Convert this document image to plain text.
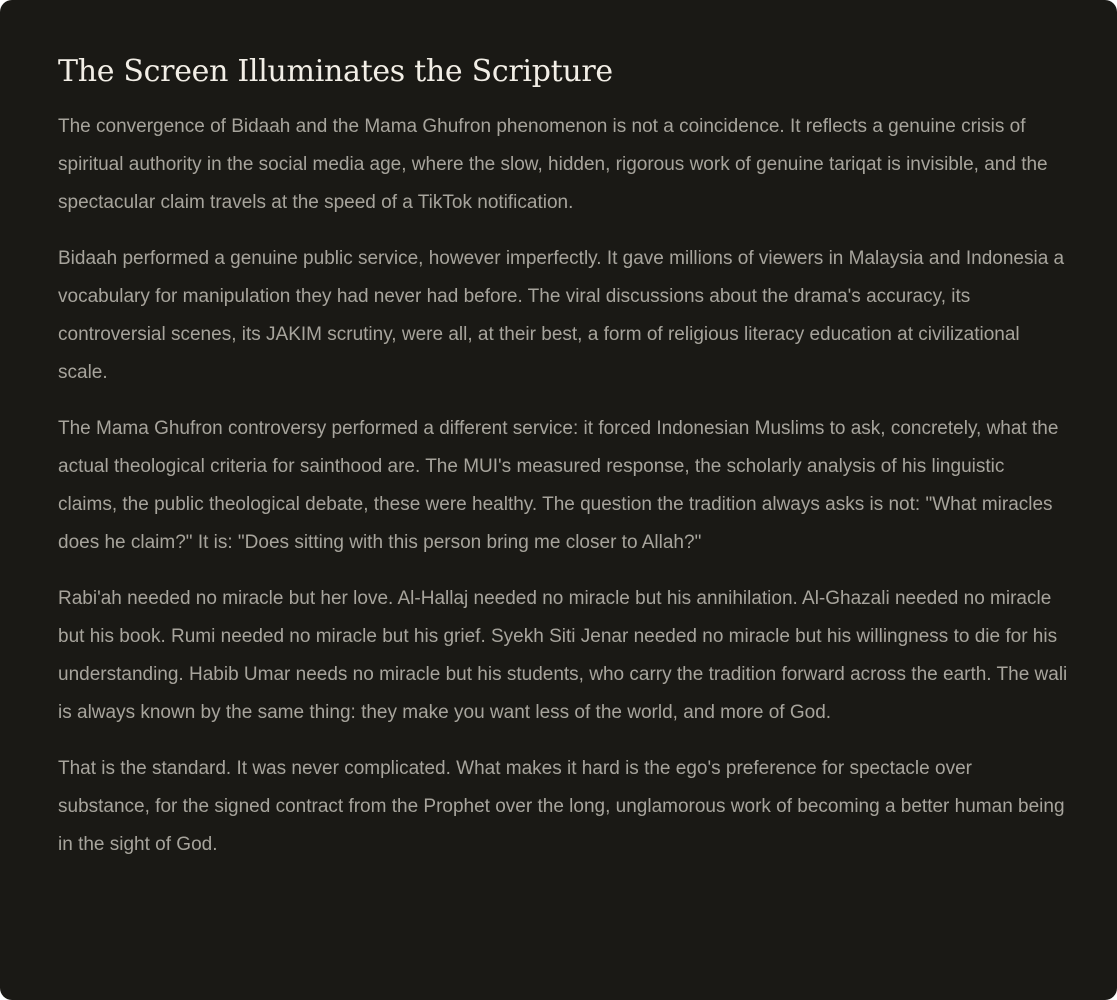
The Screen Illuminates the Scripture

The convergence of Bidaah and the Mama Ghufron phenomenon is not a coincidence. It reflects a genuine crisis of spiritual authority in the social media age, where the slow, hidden, rigorous work of genuine tariqat is invisible, and the spectacular claim travels at the speed of a TikTok notification.

Bidaah performed a genuine public service, however imperfectly. It gave millions of viewers in Malaysia and Indonesia a vocabulary for manipulation they had never had before. The viral discussions about the drama's accuracy, its controversial scenes, its JAKIM scrutiny, were all, at their best, a form of religious literacy education at civilizational scale.

The Mama Ghufron controversy performed a different service: it forced Indonesian Muslims to ask, concretely, what the actual theological criteria for sainthood are. The MUI's measured response, the scholarly analysis of his linguistic claims, the public theological debate, these were healthy. The question the tradition always asks is not: "What miracles does he claim?" It is: "Does sitting with this person bring me closer to Allah?"

Rabi'ah needed no miracle but her love. Al-Hallaj needed no miracle but his annihilation. Al-Ghazali needed no miracle but his book. Rumi needed no miracle but his grief. Syekh Siti Jenar needed no miracle but his willingness to die for his understanding. Habib Umar needs no miracle but his students, who carry the tradition forward across the earth. The wali is always known by the same thing: they make you want less of the world, and more of God.

That is the standard. It was never complicated. What makes it hard is the ego's preference for spectacle over substance, for the signed contract from the Prophet over the long, unglamorous work of becoming a better human being in the sight of God.
